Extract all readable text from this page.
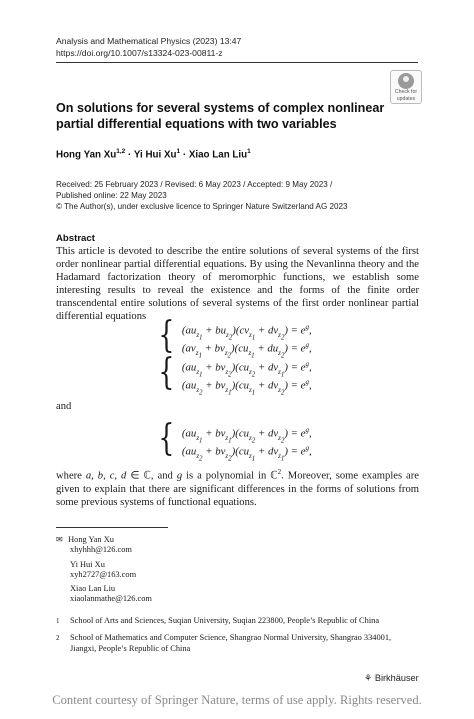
Analysis and Mathematical Physics (2023) 13:47
https://doi.org/10.1007/s13324-023-00811-z
Check for
updates
On solutions for several systems of complex nonlinear partial differential equations with two variables
Hong Yan Xu$^{1,2}$ · Yi Hui $Xu^1$ · Xiao Lan Liu$^1$
Received: 25 February 2023 / Revised: 6 May 2023 / Accepted: 9 May 2023 /
Published online: 22 May 2023
© The Author(s), under exclusive licence to Springer Nature Switzerland AG 2023
Abstract
This article is devoted to describe the entire solutions of several systems of the first order nonlinear partial differential equations. By using the Nevanlinna theory and the Hadamard factorization theory of meromorphic functions, we establish some interesting results to reveal the existence and the forms of the finite order transcendental entire solutions of several systems of the first order nonlinear partial differential equations { $(au_{z_1} + bu_{z_2})(cv_{z_1} + dv_{z_2}) = e^g$,
$(av_{z_1} + bv_{z_2})(cu_{z_1} + du_{z_2}) = e^g$,
{ $(au_{z_1} + bv_{z_2})(cu_{z_2} + dv_{z_1}) = e^g$,
$(au_{z_2} + bv_{z_1})(cu_{z_1} + dv_{z_2}) = e^g$,
and
{ $(au_{z_1} + bv_{z_1})(cu_{z_2} + dv_{z_2}) = e^g$,
$(au_{z_2} + bv_{z_2})(cu_{z_1} + dv_{z_1}) = e^g$,
where a, b, c, d ∈ ℂ, and g is a polynomial in ℂ$^2$. Moreover, some examples are given to explain that there are significant differences in the forms of solutions from some previous systems of functional equations.
✉ Hong Yan Xu
xhyhhh@126.com
Yi Hui Xu
xyh2727@163.com
Xiao Lan Liu
xiaolanmathe@126.com
1 School of Arts and Sciences, Suqian University, Suqian 223800, People’s Republic of China
2 School of Mathematics and Computer Science, Shangrao Normal University, Shangrao 334001, Jiangxi, People’s Republic of China
⚘ Birkhäuser
Content courtesy of Springer Nature, terms of use apply. Rights reserved.
